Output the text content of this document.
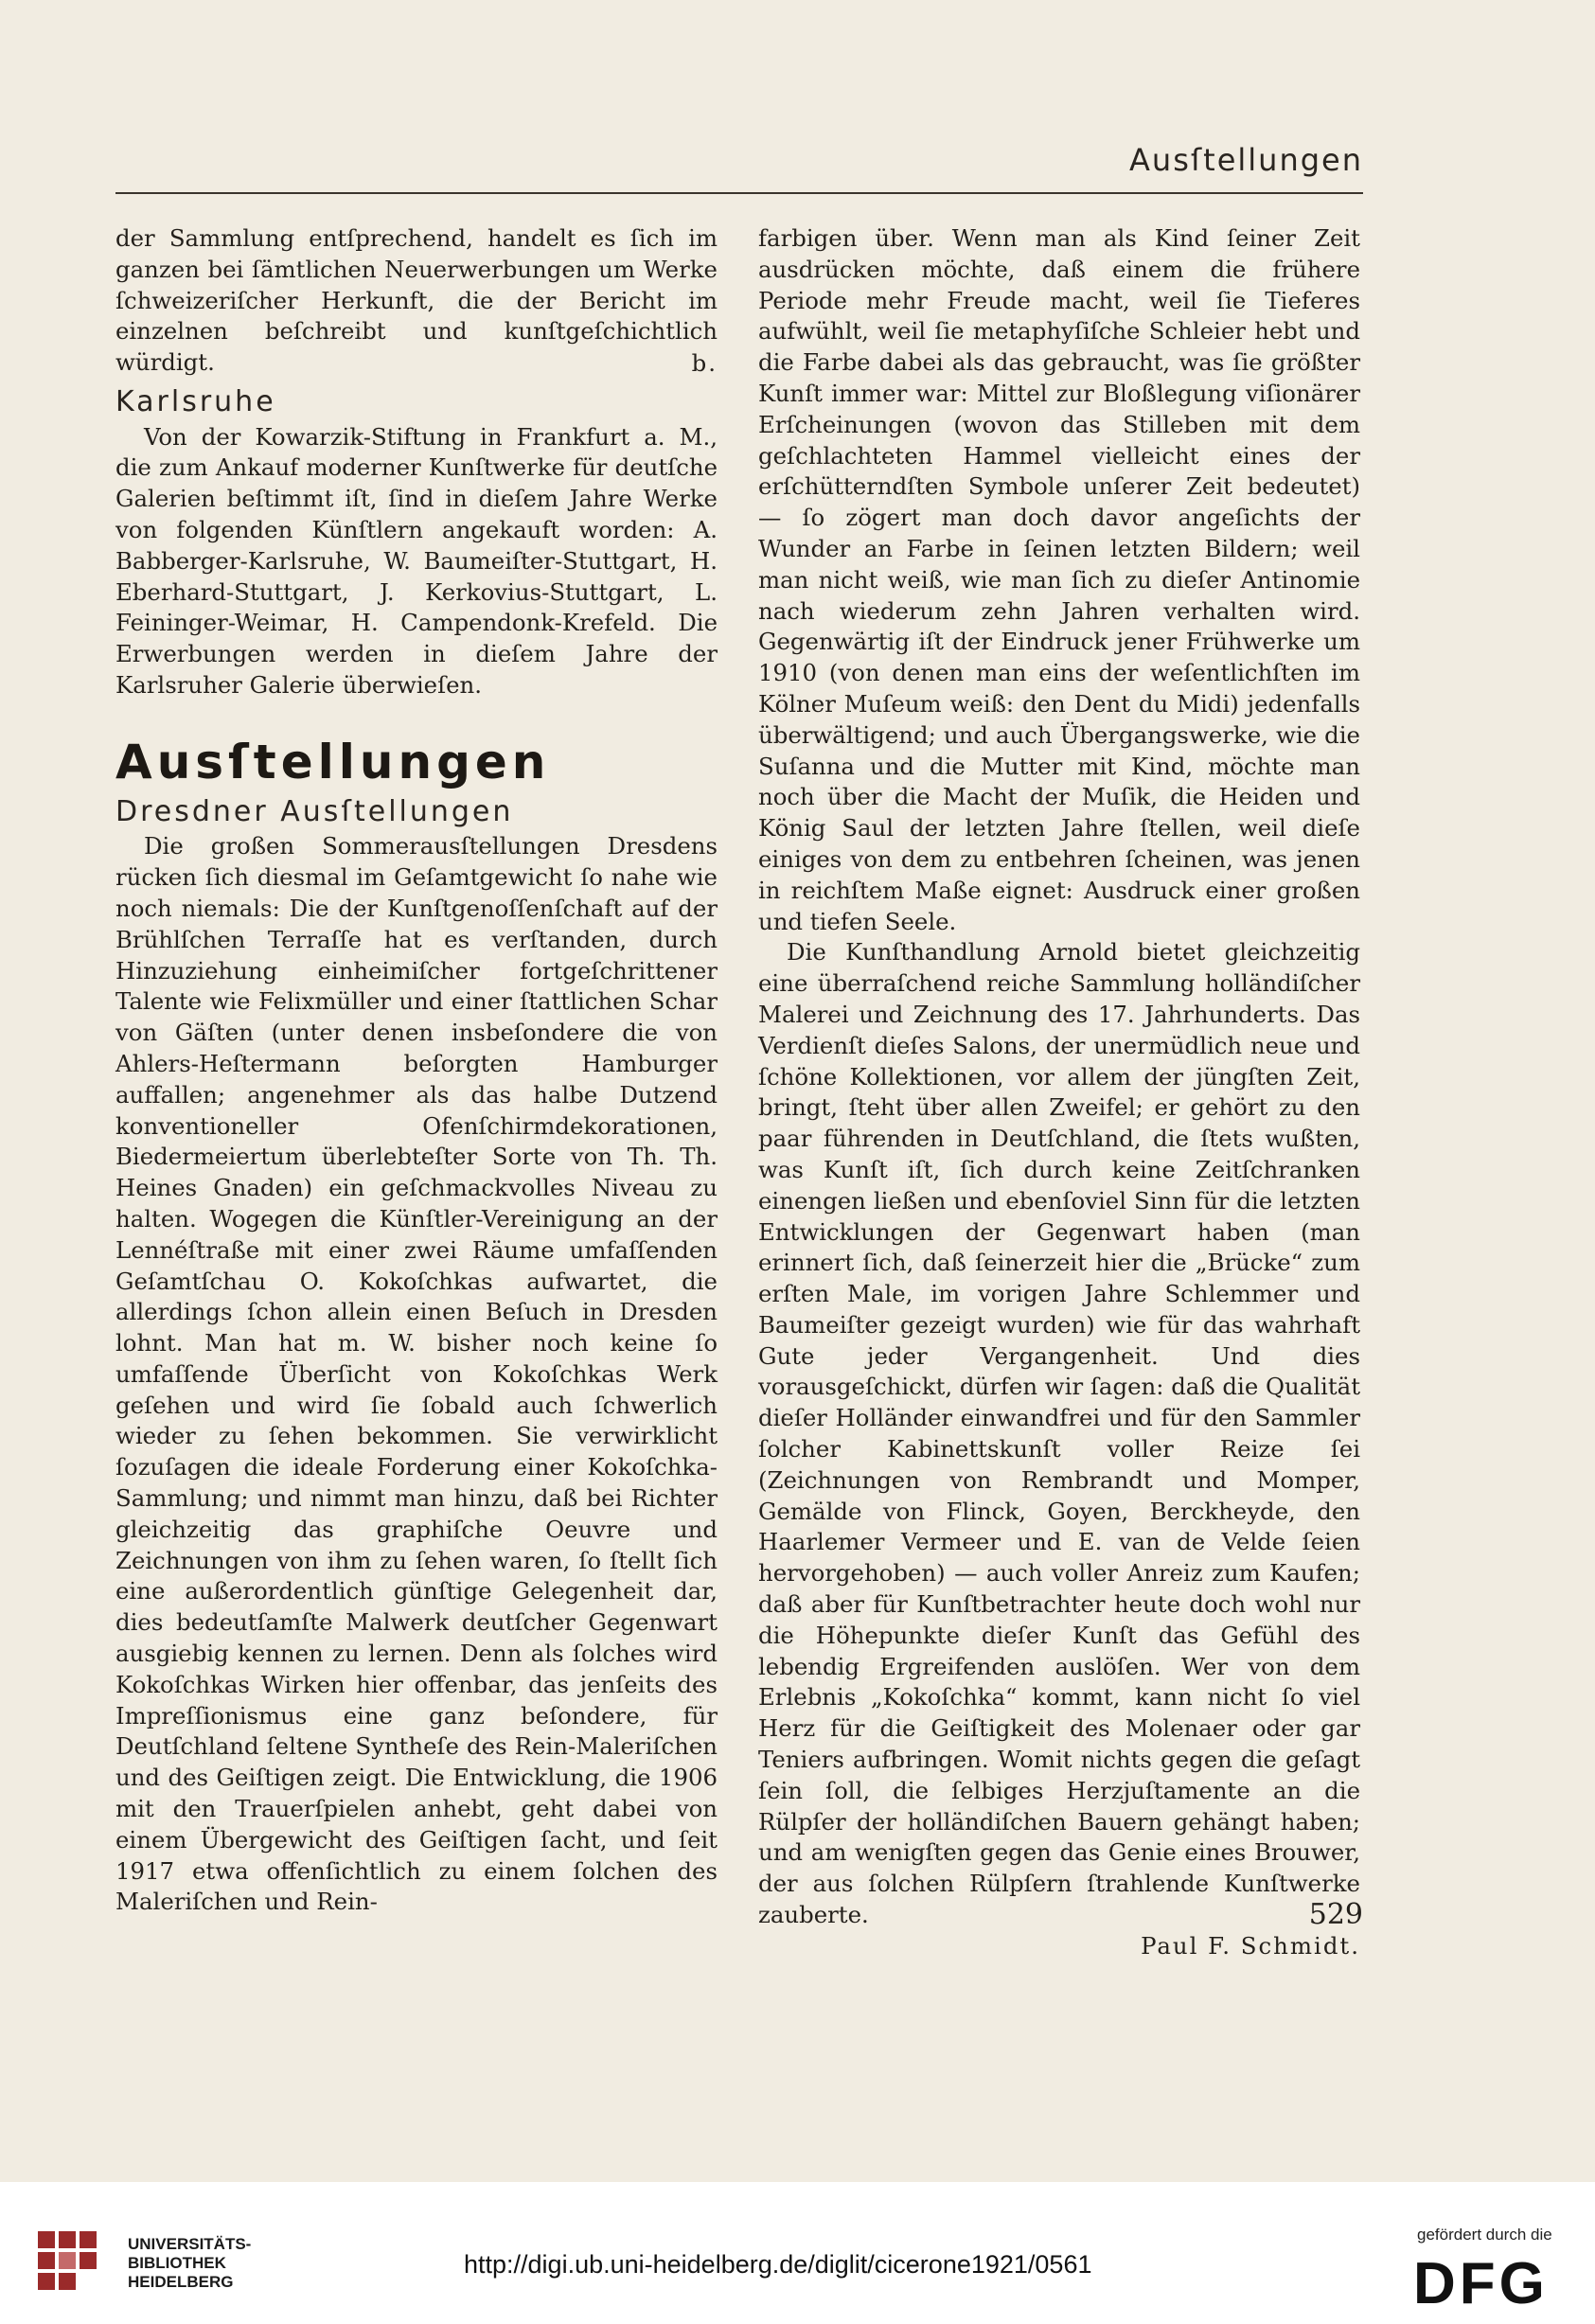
Ausſtellungen

der Sammlung entſprechend, handelt es ſich im ganzen bei ſämtlichen Neuerwerbungen um Werke ſchweizeriſcher Herkunft, die der Bericht im einzelnen beſchreibt und kunſtgeſchichtlich würdigt.	b.

Karlsruhe

Von der Kowarzik-Stiftung in Frankfurt a. M., die zum Ankauf moderner Kunſtwerke für deutſche Galerien beſtimmt iſt, ſind in dieſem Jahre Werke von folgenden Künſtlern angekauft worden: A. Babberger-Karlsruhe, W. Baumeiſter-Stuttgart, H. Eberhard-Stuttgart, J. Kerkovius-Stuttgart, L. Feininger-Weimar, H. Campendonk-Krefeld. Die Erwerbungen werden in dieſem Jahre der Karlsruher Galerie überwieſen.

Ausſtellungen
Dresdner Ausſtellungen

Die großen Sommerausſtellungen Dresdens rücken ſich diesmal im Geſamtgewicht ſo nahe wie noch niemals: Die der Kunſtgenoſſenſchaft auf der Brühlſchen Terraſſe hat es verſtanden, durch Hinzuziehung einheimiſcher fortgeſchrittener Talente wie Felixmüller und einer ſtattlichen Schar von Gäſten (unter denen insbeſondere die von Ahlers-Heſtermann beſorgten Hamburger auffallen; angenehmer als das halbe Dutzend konventioneller Ofenſchirmdekorationen, Biedermeiertum überlebteſter Sorte von Th. Th. Heines Gnaden) ein geſchmackvolles Niveau zu halten. Wogegen die Künſtler-Vereinigung an der Lennéſtraße mit einer zwei Räume umfaſſenden Geſamtſchau O. Kokoſchkas aufwartet, die allerdings ſchon allein einen Beſuch in Dresden lohnt. Man hat m. W. bisher noch keine ſo umfaſſende Überſicht von Kokoſchkas Werk geſehen und wird ſie ſobald auch ſchwerlich wieder zu ſehen bekommen. Sie verwirklicht ſozuſagen die ideale Forderung einer Kokoſchka-Sammlung; und nimmt man hinzu, daß bei Richter gleichzeitig das graphiſche Oeuvre und Zeichnungen von ihm zu ſehen waren, ſo ſtellt ſich eine außerordentlich günſtige Gelegenheit dar, dies bedeutſamſte Malwerk deutſcher Gegenwart ausgiebig kennen zu lernen. Denn als ſolches wird Kokoſchkas Wirken hier offenbar, das jenſeits des Impreſſionismus eine ganz beſondere, für Deutſchland ſeltene Syntheſe des Rein-Maleriſchen und des Geiſtigen zeigt. Die Entwicklung, die 1906 mit den Trauerſpielen anhebt, geht dabei von einem Übergewicht des Geiſtigen ſacht, und ſeit 1917 etwa offenſichtlich zu einem ſolchen des Maleriſchen und Rein-

farbigen über. Wenn man als Kind ſeiner Zeit ausdrücken möchte, daß einem die frühere Periode mehr Freude macht, weil ſie Tieferes aufwühlt, weil ſie metaphyſiſche Schleier hebt und die Farbe dabei als das gebraucht, was ſie größter Kunſt immer war: Mittel zur Bloßlegung viſionärer Erſcheinungen (wovon das Stilleben mit dem geſchlachteten Hammel vielleicht eines der erſchütterndſten Symbole unſerer Zeit bedeutet) — ſo zögert man doch davor angeſichts der Wunder an Farbe in ſeinen letzten Bildern; weil man nicht weiß, wie man ſich zu dieſer Antinomie nach wiederum zehn Jahren verhalten wird. Gegenwärtig iſt der Eindruck jener Frühwerke um 1910 (von denen man eins der weſentlichſten im Kölner Muſeum weiß: den Dent du Midi) jedenfalls überwältigend; und auch Übergangswerke, wie die Suſanna und die Mutter mit Kind, möchte man noch über die Macht der Muſik, die Heiden und König Saul der letzten Jahre ſtellen, weil dieſe einiges von dem zu entbehren ſcheinen, was jenen in reichſtem Maße eignet: Ausdruck einer großen und tiefen Seele.

Die Kunſthandlung Arnold bietet gleichzeitig eine überraſchend reiche Sammlung holländiſcher Malerei und Zeichnung des 17. Jahrhunderts. Das Verdienſt dieſes Salons, der unermüdlich neue und ſchöne Kollektionen, vor allem der jüngſten Zeit, bringt, ſteht über allen Zweifel; er gehört zu den paar führenden in Deutſchland, die ſtets wußten, was Kunſt iſt, ſich durch keine Zeitſchranken einengen ließen und ebenſoviel Sinn für die letzten Entwicklungen der Gegenwart haben (man erinnert ſich, daß ſeinerzeit hier die „Brücke“ zum erſten Male, im vorigen Jahre Schlemmer und Baumeiſter gezeigt wurden) wie für das wahrhaft Gute jeder Vergangenheit. Und dies vorausgeſchickt, dürfen wir ſagen: daß die Qualität dieſer Holländer einwandfrei und für den Sammler ſolcher Kabinettskunſt voller Reize ſei (Zeichnungen von Rembrandt und Momper, Gemälde von Flinck, Goyen, Berckheyde, den Haarlemer Vermeer und E. van de Velde ſeien hervorgehoben) — auch voller Anreiz zum Kaufen; daß aber für Kunſtbetrachter heute doch wohl nur die Höhepunkte dieſer Kunſt das Gefühl des lebendig Ergreifenden auslöſen. Wer von dem Erlebnis „Kokoſchka“ kommt, kann nicht ſo viel Herz für die Geiſtigkeit des Molenaer oder gar Teniers aufbringen. Womit nichts gegen die geſagt ſein ſoll, die ſelbiges Herzjuſtamente an die Rülpſer der holländiſchen Bauern gehängt haben; und am wenigſten gegen das Genie eines Brouwer, der aus ſolchen Rülpſern ſtrahlende Kunſtwerke zauberte.

Paul F. Schmidt.

529
UNIVERSITÄTS-
BIBLIOTHEK
HEIDELBERG
http://digi.ub.uni-heidelberg.de/diglit/cicerone1921/0561
gefördert durch die
DFG
